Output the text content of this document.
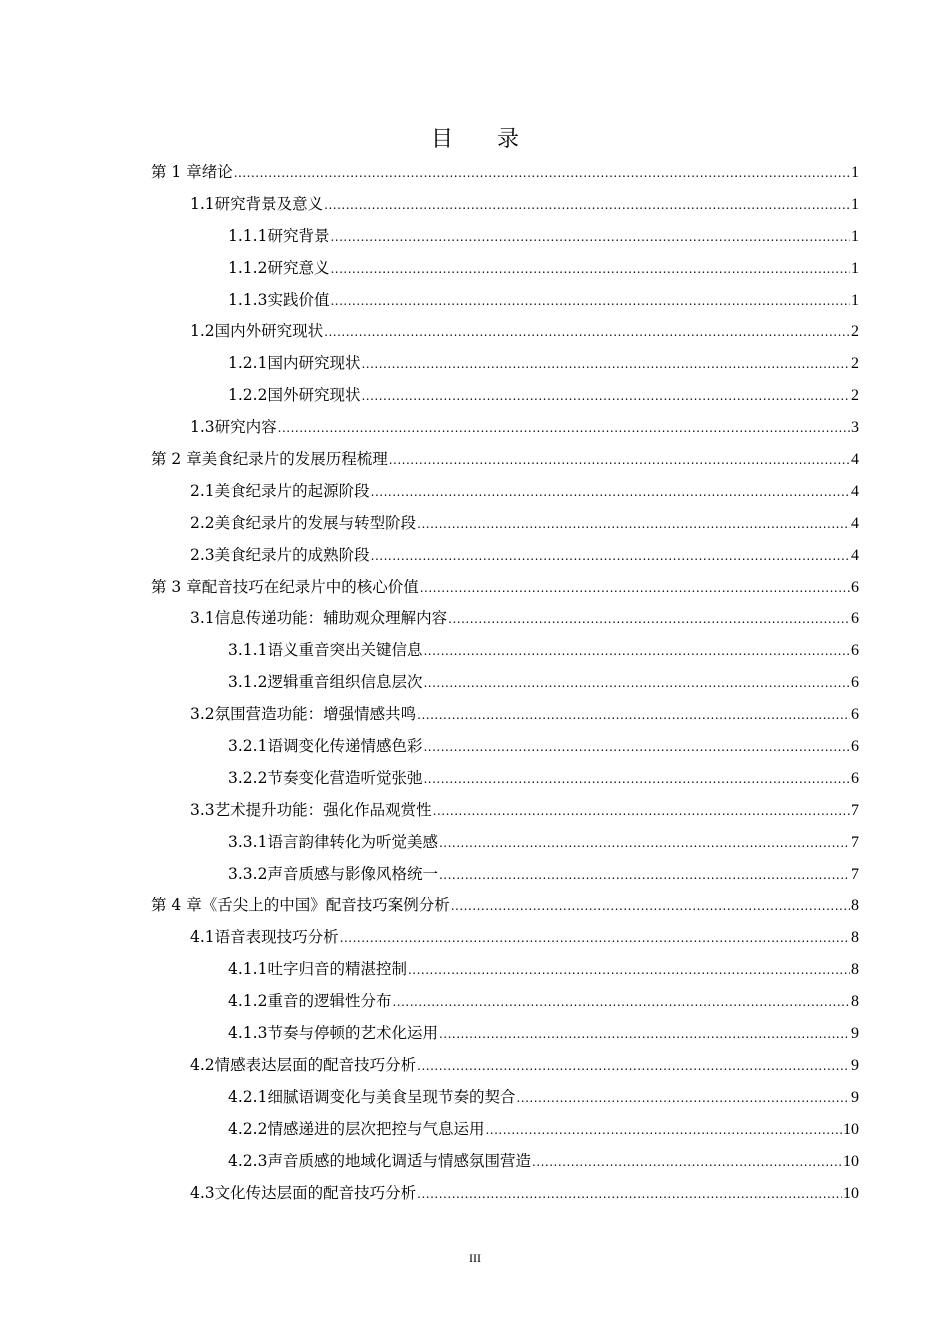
目 录
第 1 章 绪论 .....	1
1.1 研究背景及意义 .....	1
1.1.1 研究背景 .....	1
1.1.2 研究意义 .....	1
1.1.3 实践价值 .....	1
1.2 国内外研究现状 .....	2
1.2.1 国内研究现状 .....	2
1.2.2 国外研究现状 .....	2
1.3 研究内容 .....	3
第 2 章 美食纪录片的发展历程梳理 .....	4
2.1 美食纪录片的起源阶段 .....	4
2.2 美食纪录片的发展与转型阶段 .....	4
2.3 美食纪录片的成熟阶段 .....	4
第 3 章 配音技巧在纪录片中的核心价值 .....	6
3.1 信息传递功能：辅助观众理解内容 .....	6
3.1.1 语义重音突出关键信息 .....	6
3.1.2 逻辑重音组织信息层次 .....	6
3.2 氛围营造功能：增强情感共鸣 .....	6
3.2.1 语调变化传递情感色彩 .....	6
3.2.2 节奏变化营造听觉张弛 .....	6
3.3 艺术提升功能：强化作品观赏性 .....	7
3.3.1 语言韵律转化为听觉美感 .....	7
3.3.2 声音质感与影像风格统一 .....	7
第 4 章 《舌尖上的中国》配音技巧案例分析 .....	8
4.1 语音表现技巧分析 .....	8
4.1.1 吐字归音的精湛控制 .....	8
4.1.2 重音的逻辑性分布 .....	8
4.1.3 节奏与停顿的艺术化运用 .....	9
4.2 情感表达层面的配音技巧分析 .....	9
4.2.1 细腻语调变化与美食呈现节奏的契合 .....	9
4.2.2 情感递进的层次把控与气息运用 .....	10
4.2.3 声音质感的地域化调适与情感氛围营造 .....	10
4.3 文化传达层面的配音技巧分析 .....	10
III
